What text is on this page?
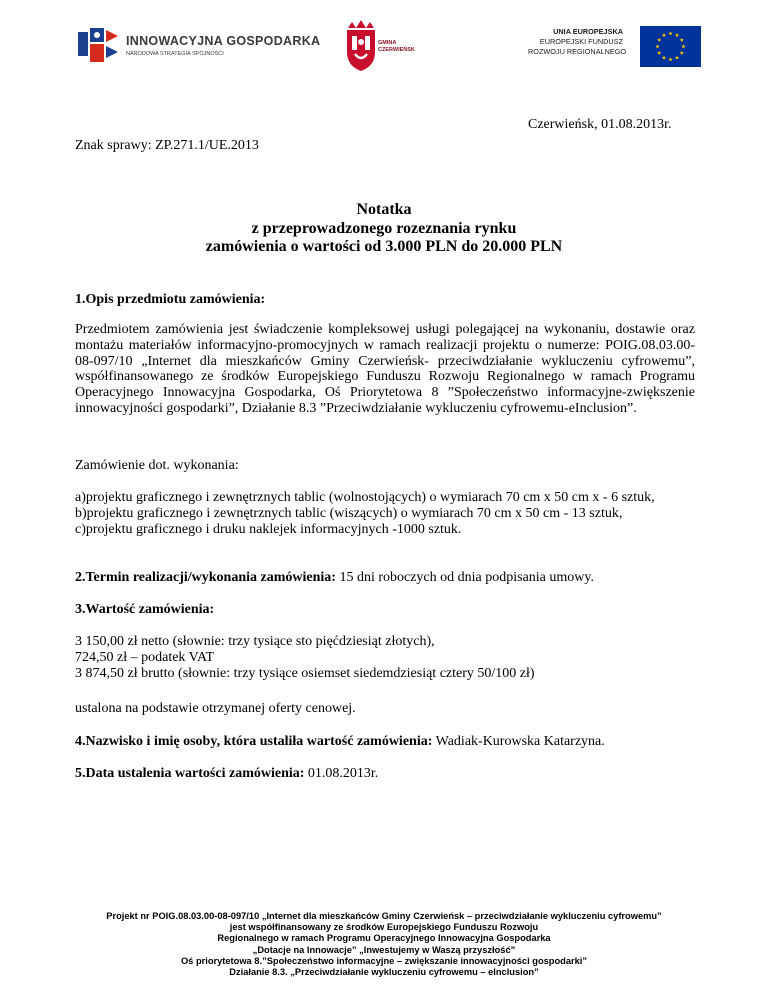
INNOWACYJNA GOSPODARKA
NARODOWA STRATEGIA SPÓJNOŚCI
GMINA
CZERWIEŃSK
UNIA EUROPEJSKA
EUROPEJSKI FUNDUSZ
ROZWOJU REGIONALNEGO
Czerwieńsk, 01.08.2013r.
Znak sprawy: ZP.271.1/UE.2013
Notatka
z przeprowadzonego rozeznania rynku
zamówienia o wartości od 3.000 PLN do 20.000 PLN
1.Opis przedmiotu zamówienia:
Przedmiotem zamówienia jest świadczenie kompleksowej usługi polegającej na wykonaniu, dostawie oraz montażu materiałów informacyjno-promocyjnych w ramach realizacji projektu o numerze: POIG.08.03.00-08-097/10 „Internet dla mieszkańców Gminy Czerwieńsk- przeciwdziałanie wykluczeniu cyfrowemu”, współfinansowanego ze środków Europejskiego Funduszu Rozwoju Regionalnego w ramach Programu Operacyjnego Innowacyjna Gospodarka, Oś Priorytetowa 8 ”Społeczeństwo informacyjne-zwiększenie innowacyjności gospodarki”, Działanie 8.3 ”Przeciwdziałanie wykluczeniu cyfrowemu-eInclusion”.
Zamówienie dot. wykonania:
a)projektu graficznego i zewnętrznych tablic (wolnostojących) o wymiarach 70 cm x 50 cm x - 6 sztuk,
b)projektu graficznego i zewnętrznych tablic (wiszących) o wymiarach 70 cm x 50 cm - 13 sztuk,
c)projektu graficznego i druku naklejek informacyjnych -1000 sztuk.
2.Termin realizacji/wykonania zamówienia: 15 dni roboczych od dnia podpisania umowy.
3.Wartość zamówienia:
3 150,00 zł netto (słownie: trzy tysiące sto pięćdziesiąt złotych),
724,50 zł – podatek VAT
3 874,50 zł brutto (słownie: trzy tysiące osiemset siedemdziesiąt cztery 50/100 zł)
ustalona na podstawie otrzymanej oferty cenowej.
4.Nazwisko i imię osoby, która ustaliła wartość zamówienia: Wadiak-Kurowska Katarzyna.
5.Data ustalenia wartości zamówienia: 01.08.2013r.
Projekt nr POIG.08.03.00-08-097/10 „Internet dla mieszkańców Gminy Czerwieńsk – przeciwdziałanie wykluczeniu cyfrowemu”
jest współfinansowany ze środków Europejskiego Funduszu Rozwoju
Regionalnego w ramach Programu Operacyjnego Innowacyjna Gospodarka
„Dotacje na Innowacje” „Inwestujemy w Waszą przyszłość”
Oś priorytetowa 8.”Społeczeństwo informacyjne – zwiększanie innowacyjności gospodarki”
Działanie 8.3. „Przeciwdziałanie wykluczeniu cyfrowemu – eInclusion”
